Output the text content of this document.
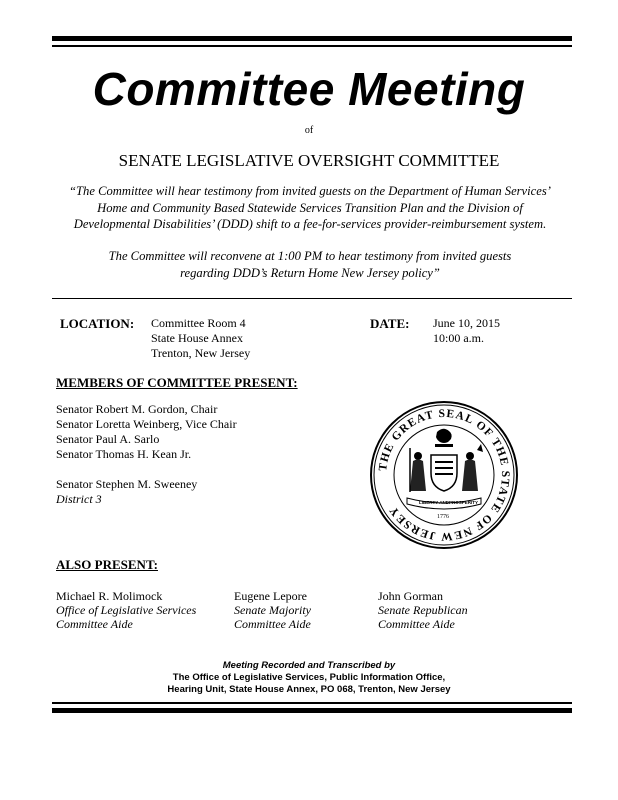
Committee Meeting
of
SENATE LEGISLATIVE OVERSIGHT COMMITTEE
“The Committee will hear testimony from invited guests on the Department of Human Services’
Home and Community Based Statewide Services Transition Plan and the Division of
Developmental Disabilities’ (DDD) shift to a fee-for-services provider-reimbursement system.
The Committee will reconvene at 1:00 PM to hear testimony from invited guests
regarding DDD’s Return Home New Jersey policy”
LOCATION: Committee Room 4
State House Annex
Trenton, New Jersey
DATE: June 10, 2015
10:00 a.m.
MEMBERS OF COMMITTEE PRESENT:
Senator Robert M. Gordon, Chair
Senator Loretta Weinberg, Vice Chair
Senator Paul A. Sarlo
Senator Thomas H. Kean Jr.
Senator Stephen M. Sweeney
District 3
THE GREAT SEAL OF THE STATE OF NEW JERSEY
LIBERTY AND PROSPERITY
1776
ALSO PRESENT:
Michael R. Molimock
Office of Legislative Services
Committee Aide
Eugene Lepore
Senate Majority
Committee Aide
John Gorman
Senate Republican
Committee Aide
Meeting Recorded and Transcribed by
The Office of Legislative Services, Public Information Office,
Hearing Unit, State House Annex, PO 068, Trenton, New Jersey
